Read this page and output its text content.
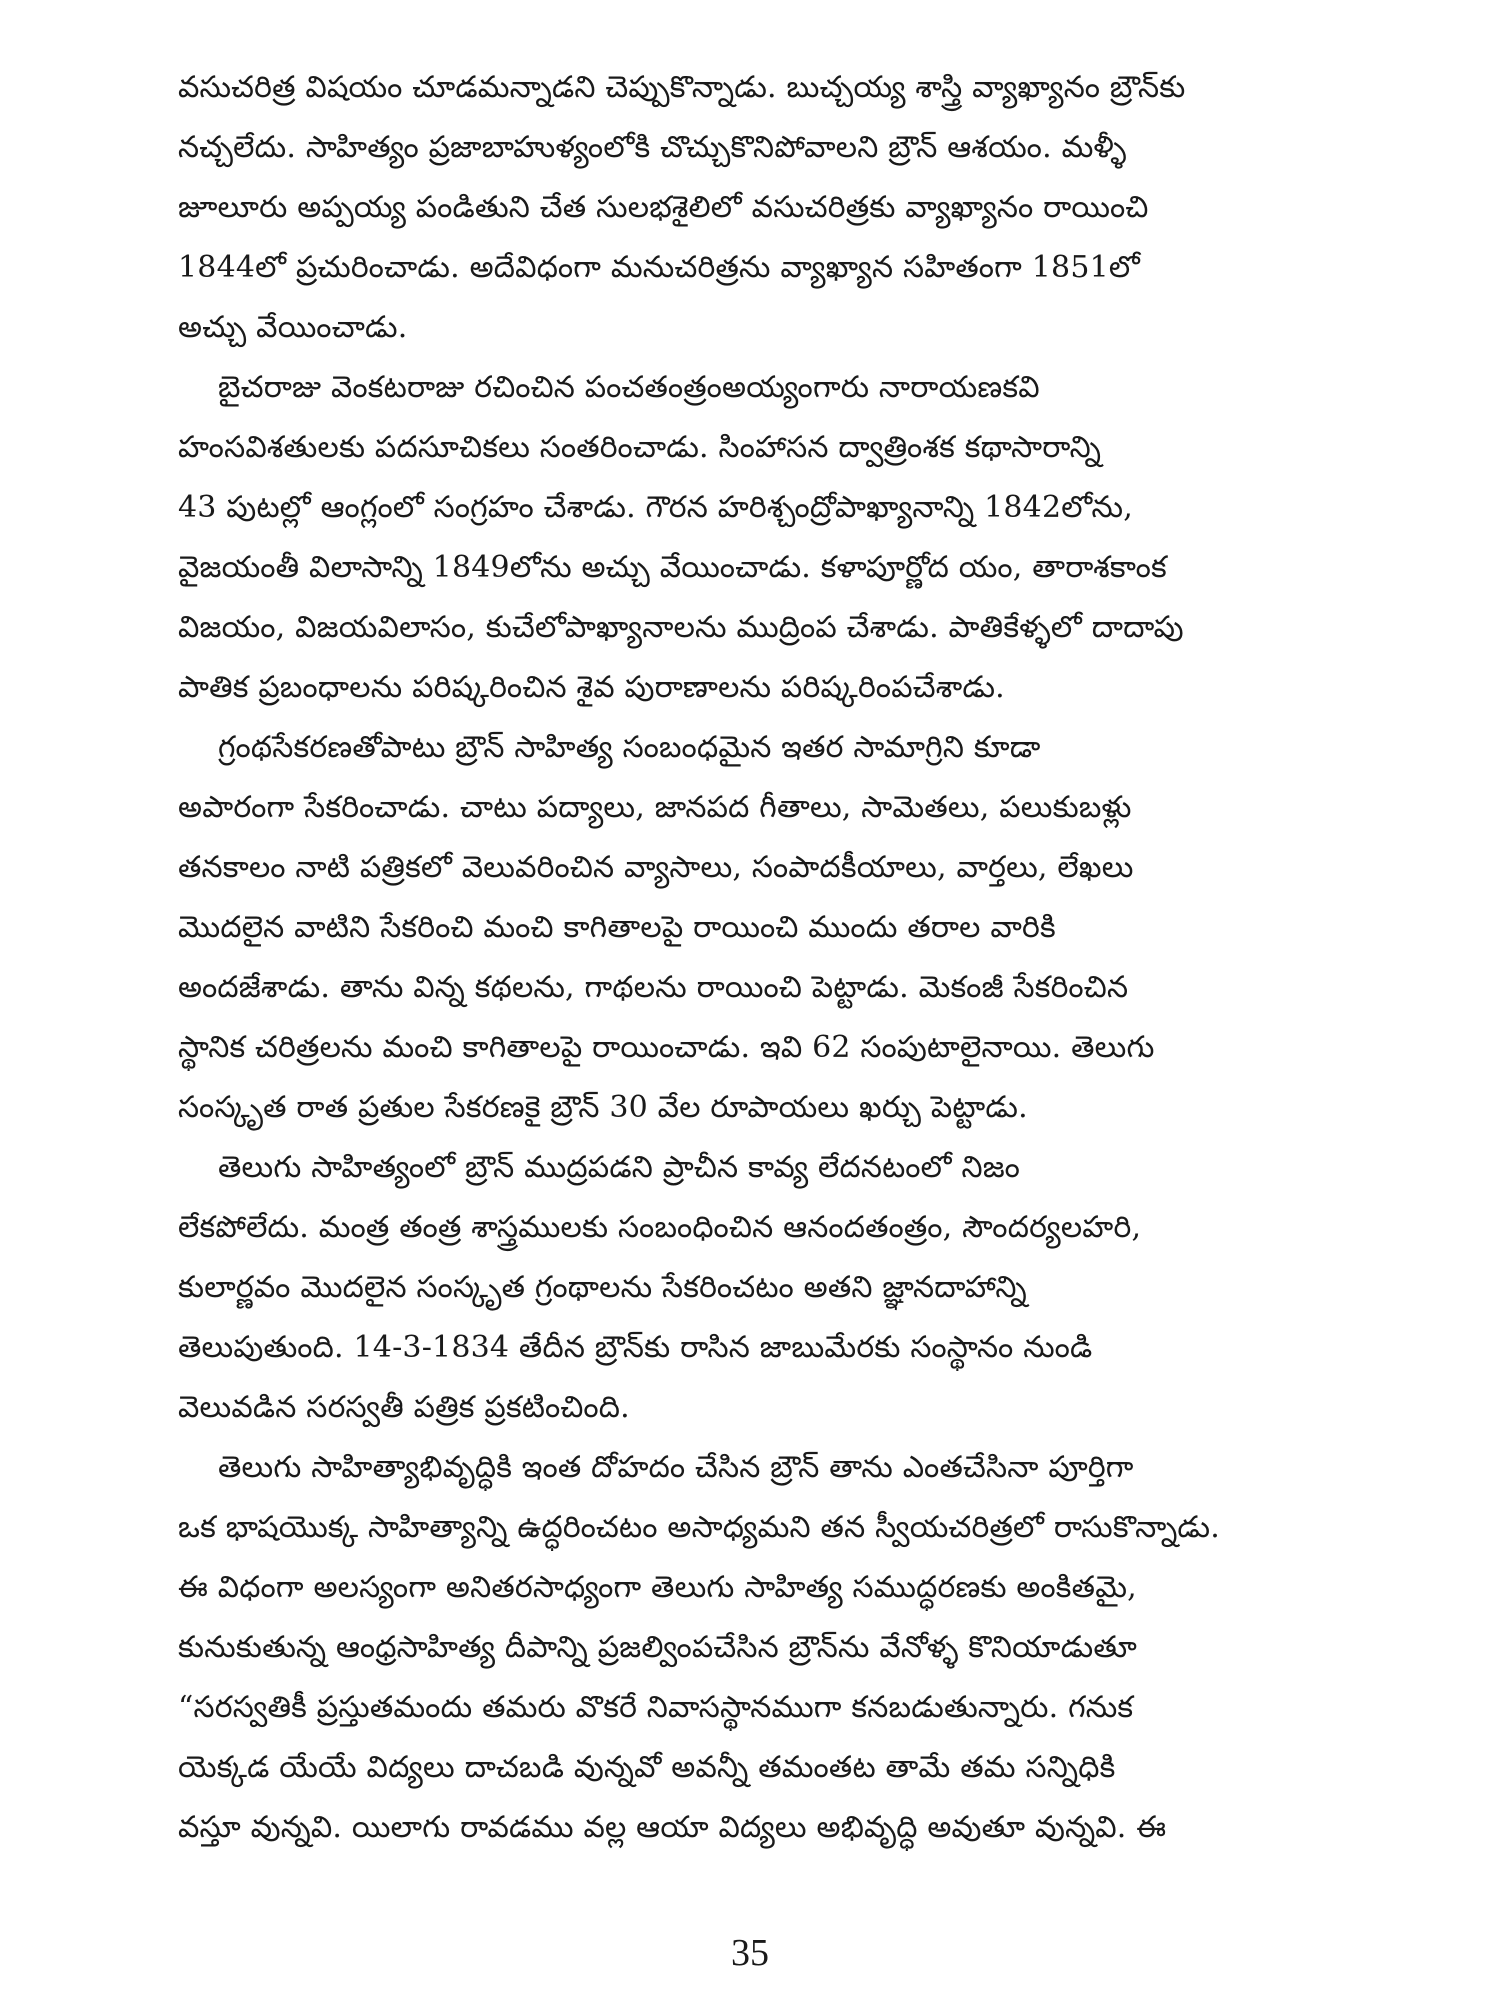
వసుచరిత్ర విషయం చూడమన్నాడని చెప్పుకొన్నాడు. బుచ్చయ్య శాస్త్రి వ్యాఖ్యానం బ్రౌన్‌కు
నచ్చలేదు. సాహిత్యం ప్రజాబాహుళ్యంలోకి చొచ్చుకొనిపోవాలని బ్రౌన్ ఆశయం. మళ్ళీ
జూలూరు అప్పయ్య పండితుని చేత సులభశైలిలో వసుచరిత్రకు వ్యాఖ్యానం రాయించి
1844లో ప్రచురించాడు. అదేవిధంగా మనుచరిత్రను వ్యాఖ్యాన సహితంగా 1851లో
అచ్చు వేయించాడు.
బైచరాజు వెంకటరాజు రచించిన పంచతంత్రంఅయ్యంగారు నారాయణకవి
హంసవిశతులకు పదసూచికలు సంతరించాడు. సింహాసన ద్వాత్రింశక కథాసారాన్ని
43 పుటల్లో ఆంగ్లంలో సంగ్రహం చేశాడు. గౌరన హరిశ్చంద్రోపాఖ్యానాన్ని 1842లోను,
వైజయంతీ విలాసాన్ని 1849లోను అచ్చు వేయించాడు. కళాపూర్ణోద యం, తారాశకాంక
విజయం, విజయవిలాసం, కుచేలోపాఖ్యానాలను ముద్రింప చేశాడు. పాతికేళ్ళలో దాదాపు
పాతిక ప్రబంధాలను పరిష్కరించిన శైవ పురాణాలను పరిష్కరింపచేశాడు.
గ్రంథసేకరణతోపాటు బ్రౌన్ సాహిత్య సంబంధమైన ఇతర సామాగ్రిని కూడా
అపారంగా సేకరించాడు. చాటు పద్యాలు, జానపద గీతాలు, సామెతలు, పలుకుబళ్లు
తనకాలం నాటి పత్రికలో వెలువరించిన వ్యాసాలు, సంపాదకీయాలు, వార్తలు, లేఖలు
మొదలైన వాటిని సేకరించి మంచి కాగితాలపై రాయించి ముందు తరాల వారికి
అందజేశాడు. తాను విన్న కథలను, గాథలను రాయించి పెట్టాడు. మెకంజీ సేకరించిన
స్థానిక చరిత్రలను మంచి కాగితాలపై రాయించాడు. ఇవి 62 సంపుటాలైనాయి. తెలుగు
సంస్కృత రాత ప్రతుల సేకరణకై బ్రౌన్ 30 వేల రూపాయలు ఖర్చు పెట్టాడు.
తెలుగు సాహిత్యంలో బ్రౌన్ ముద్రపడని ప్రాచీన కావ్య లేదనటంలో నిజం
లేకపోలేదు. మంత్ర తంత్ర శాస్త్రములకు సంబంధించిన ఆనందతంత్రం, సౌందర్యలహరి,
కులార్ణవం మొదలైన సంస్కృత గ్రంథాలను సేకరించటం అతని జ్ఞానదాహాన్ని
తెలుపుతుంది. 14-3-1834 తేదీన బ్రౌన్‌కు రాసిన జాబుమేరకు సంస్థానం నుండి
వెలువడిన సరస్వతీ పత్రిక ప్రకటించింది.
తెలుగు సాహిత్యాభివృద్ధికి ఇంత దోహదం చేసిన బ్రౌన్ తాను ఎంతచేసినా పూర్తిగా
ఒక భాషయొక్క సాహిత్యాన్ని ఉద్ధరించటం అసాధ్యమని తన స్వీయచరిత్రలో రాసుకొన్నాడు.
ఈ విధంగా అలస్యంగా అనితరసాధ్యంగా తెలుగు సాహిత్య సముద్ధరణకు అంకితమై,
కునుకుతున్న ఆంధ్రసాహిత్య దీపాన్ని ప్రజల్వింపచేసిన బ్రౌన్‌ను వేనోళ్ళ కొనియాడుతూ
“సరస్వతికీ ప్రస్తుతమందు తమరు వొకరే నివాసస్థానముగా కనబడుతున్నారు. గనుక
యెక్కడ యేయే విద్యలు దాచబడి వున్నవో అవన్నీ తమంతట తామే తమ సన్నిధికి
వస్తూ వున్నవి. యిలాగు రావడము వల్ల ఆయా విద్యలు అభివృద్ధి అవుతూ వున్నవి. ఈ
35
